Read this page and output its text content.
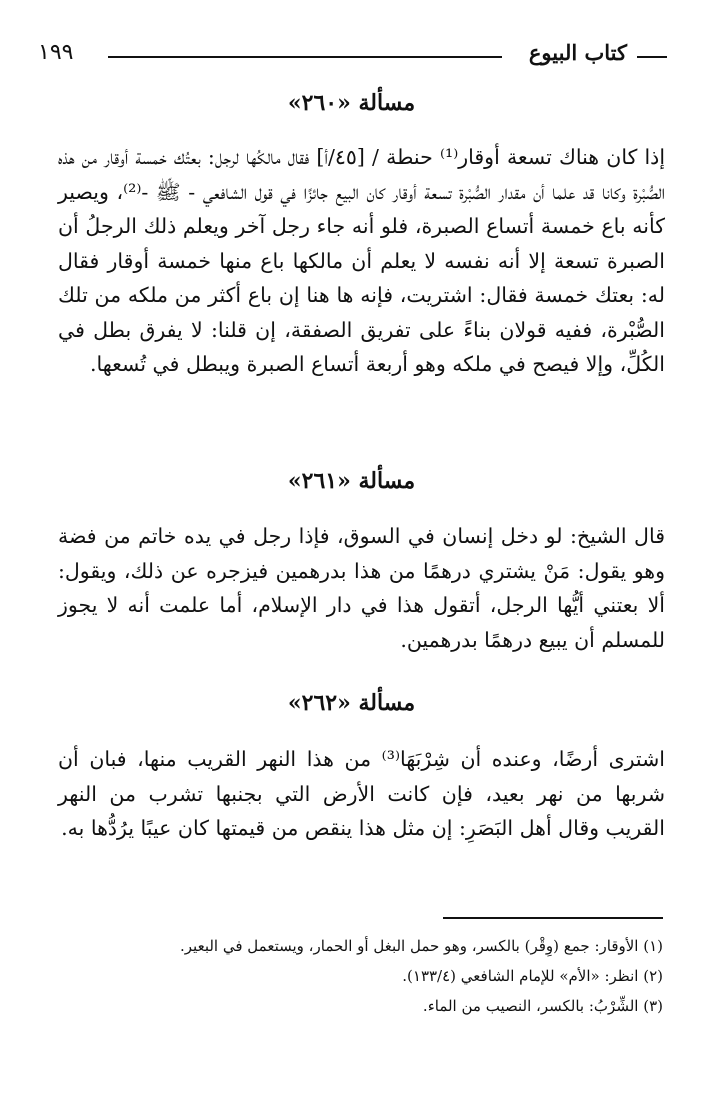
كتاب البيوع
١٩٩
مسألة «٢٦٠»

إذا كان هناك تسعة أوقار⁽¹⁾ حنطة / [٤٥/أ] فقال مالكُها لرجل: بعتُك خمسة أوقار من هذه الصُّبْرة وكانا قد علما أن مقدار الصُّبْرة تسعة أوقار كان البيع جائزًا في قول الشافعي - ﷺ -⁽²⁾، ويصير كأنه باع خمسة أتساع الصبرة، فلو أنه جاء رجل آخر ويعلم ذلك الرجلُ أن الصبرة تسعة إلا أنه نفسه لا يعلم أن مالكها باع منها خمسة أوقار فقال له: بعتك خمسة فقال: اشتريت، فإنه ها هنا إن باع أكثر من ملكه من تلك الصُّبْرة، ففيه قولان بناءً على تفريق الصفقة، إن قلنا: لا يفرق بطل في الكُلِّ، وإلا فيصح في ملكه وهو أربعة أتساع الصبرة ويبطل في تُسعها.

مسألة «٢٦١»

قال الشيخ: لو دخل إنسان في السوق، فإذا رجل في يده خاتم من فضة وهو يقول: مَنْ يشتري درهمًا من هذا بدرهمين فيزجره عن ذلك، ويقول: ألا بعتني أيُّها الرجل، أتقول هذا في دار الإسلام، أما علمت أنه لا يجوز للمسلم أن يبيع درهمًا بدرهمين.

مسألة «٢٦٢»

اشترى أرضًا، وعنده أن شِرْبَهَا⁽³⁾ من هذا النهر القريب منها، فبان أن شربها من نهر بعيد، فإن كانت الأرض التي بجنبها تشرب من النهر القريب وقال أهل البَصَرِ: إن مثل هذا ينقص من قيمتها كان عيبًا يرُدُّها به.

(١) الأوقار: جمع (وِقْر) بالكسر، وهو حمل البغل أو الحمار، ويستعمل في البعير.

(٢) انظر: «الأم» للإمام الشافعي (١٣٣/٤).

(٣) الشِّرْبُ: بالكسر، النصيب من الماء.
